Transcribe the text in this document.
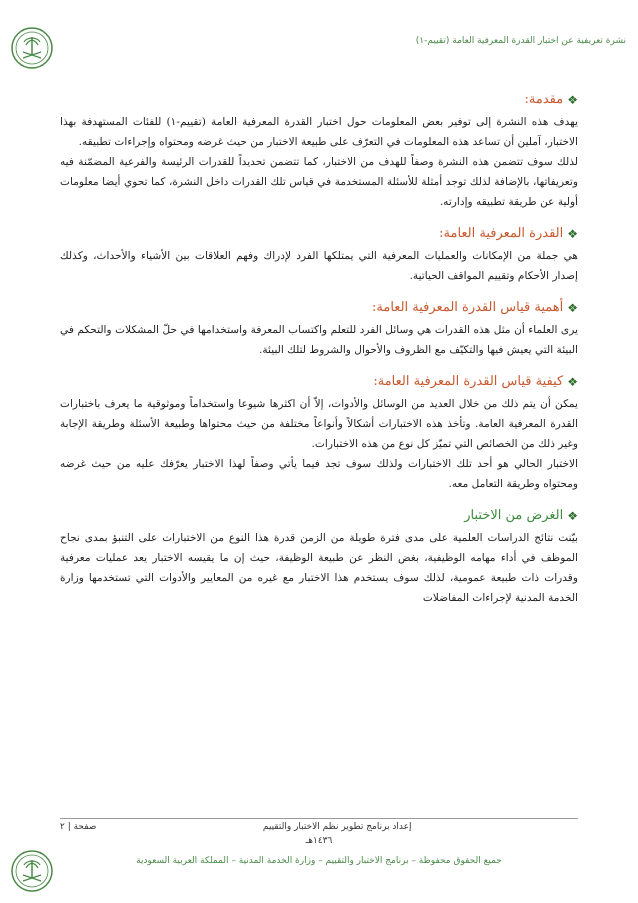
نشرة تعريفية عن اختبار القدرة المعرفية العامة (تقييم-١)
❖
مقدمة:

يهدف هذه النشرة إلى توفير بعض المعلومات حول اختبار القدرة المعرفية العامة (تقييم-١) للفئات المستهدفة بهذا الاختبار، آملين أن تساعد هذه المعلومات في التعرّف على طبيعة الاختبار من حيث غرضه ومحتواه وإجراءات تطبيقه.

لذلك سوف تتضمن هذه النشرة وصفاً للهدف من الاختبار، كما تتضمن تحديداً للقدرات الرئيسة والفرعية المضمّنة فيه وتعريفاتها، بالإضافة لذلك توجد أمثلة للأسئلة المستخدمة في قياس تلك القدرات داخل النشرة، كما تحوي أيضا معلومات أولية عن طريقة تطبيقه وإدارته.

❖
القدرة المعرفية العامة:

هي جملة من الإمكانات والعمليات المعرفية التي يمتلكها الفرد لإدراك وفهم العلاقات بين الأشياء والأحداث، وكذلك إصدار الأحكام وتقييم المواقف الحياتية.

❖
أهمية قياس القدرة المعرفية العامة:

يرى العلماء أن مثل هذه القدرات هي وسائل الفرد للتعلم واكتساب المعرفة واستخدامها في حلّ المشكلات والتحكم في البيئة التي يعيش فيها والتكيّف مع الظروف والأحوال والشروط لتلك البيئة.

❖
كيفية قياس القدرة المعرفية العامة:

يمكن أن يتم ذلك من خلال العديد من الوسائل والأدوات، إلاّ أن اكثرها شيوعا واستخداماً وموثوقية ما يعرف باختبارات القدرة المعرفية العامة. وتأخذ هذه الاختبارات أشكالاً وأنواعاً مختلفة من حيث محتواها وطبيعة الأسئلة وطريقة الإجابة وغير ذلك من الخصائص التي تميّز كل نوع من هذه الاختبارات.

الاختبار الحالي هو أحد تلك الاختبارات ولذلك سوف تجد فيما يأتي وصفاً لهذا الاختبار يعرّفك عليه من حيث غرضه ومحتواه وطريقة التعامل معه.

❖
الغرض من الاختبار

بيّنت نتائج الدراسات العلمية على مدى فترة طويلة من الزمن قدرة هذا النوع من الاختبارات على التنبؤ بمدى نجاح الموظف في أداء مهامه الوظيفية، بغض النظر عن طبيعة الوظيفة، حيث إن ما يقيسه الاختبار يعد عمليات معرفية وقدرات ذات طبيعة عمومية، لذلك سوف يستخدم هذا الاختبار مع غيره من المعايير والأدوات التي تستخدمها وزارة الخدمة المدنية لإجراءات المفاضلات

صفحة | ٢	إعداد برنامج تطوير نظم الاختبار والتقييم
١٤٣٦هـ
جميع الحقوق محفوظة – برنامج الاختبار والتقييم – وزارة الخدمة المدنية – المملكة العربية السعودية
